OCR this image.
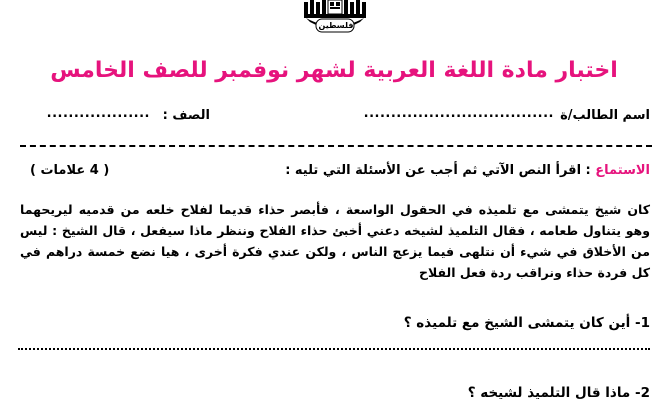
فلسطين
اختبار مادة اللغة العربية لشهر نوفمبر للصف الخامس
اسم الطالب/ة
...................................
الصف :
...................
الاستماع : اقرأ النص الآتي ثم أجب عن الأسئلة التي تليه :
( 4 علامات )

كان شيخ يتمشى مع تلميذه في الحقول الواسعة ، فأبصر حذاء قديما لفلاح خلعه من قدميه ليريحهما وهو يتناول طعامه ، فقال التلميذ لشيخه دعني أخبئ حذاء الفلاح وننظر ماذا سيفعل ، قال الشيخ : ليس من الأخلاق في شيء أن نتلهى فيما يزعج الناس ، ولكن عندي فكرة أخرى ، هيا نضع خمسة دراهم في كل فردة حذاء ونراقب ردة فعل الفلاح

1- أين كان يتمشى الشيخ مع تلميذه ؟
2- ماذا قال التلميذ لشيخه ؟
